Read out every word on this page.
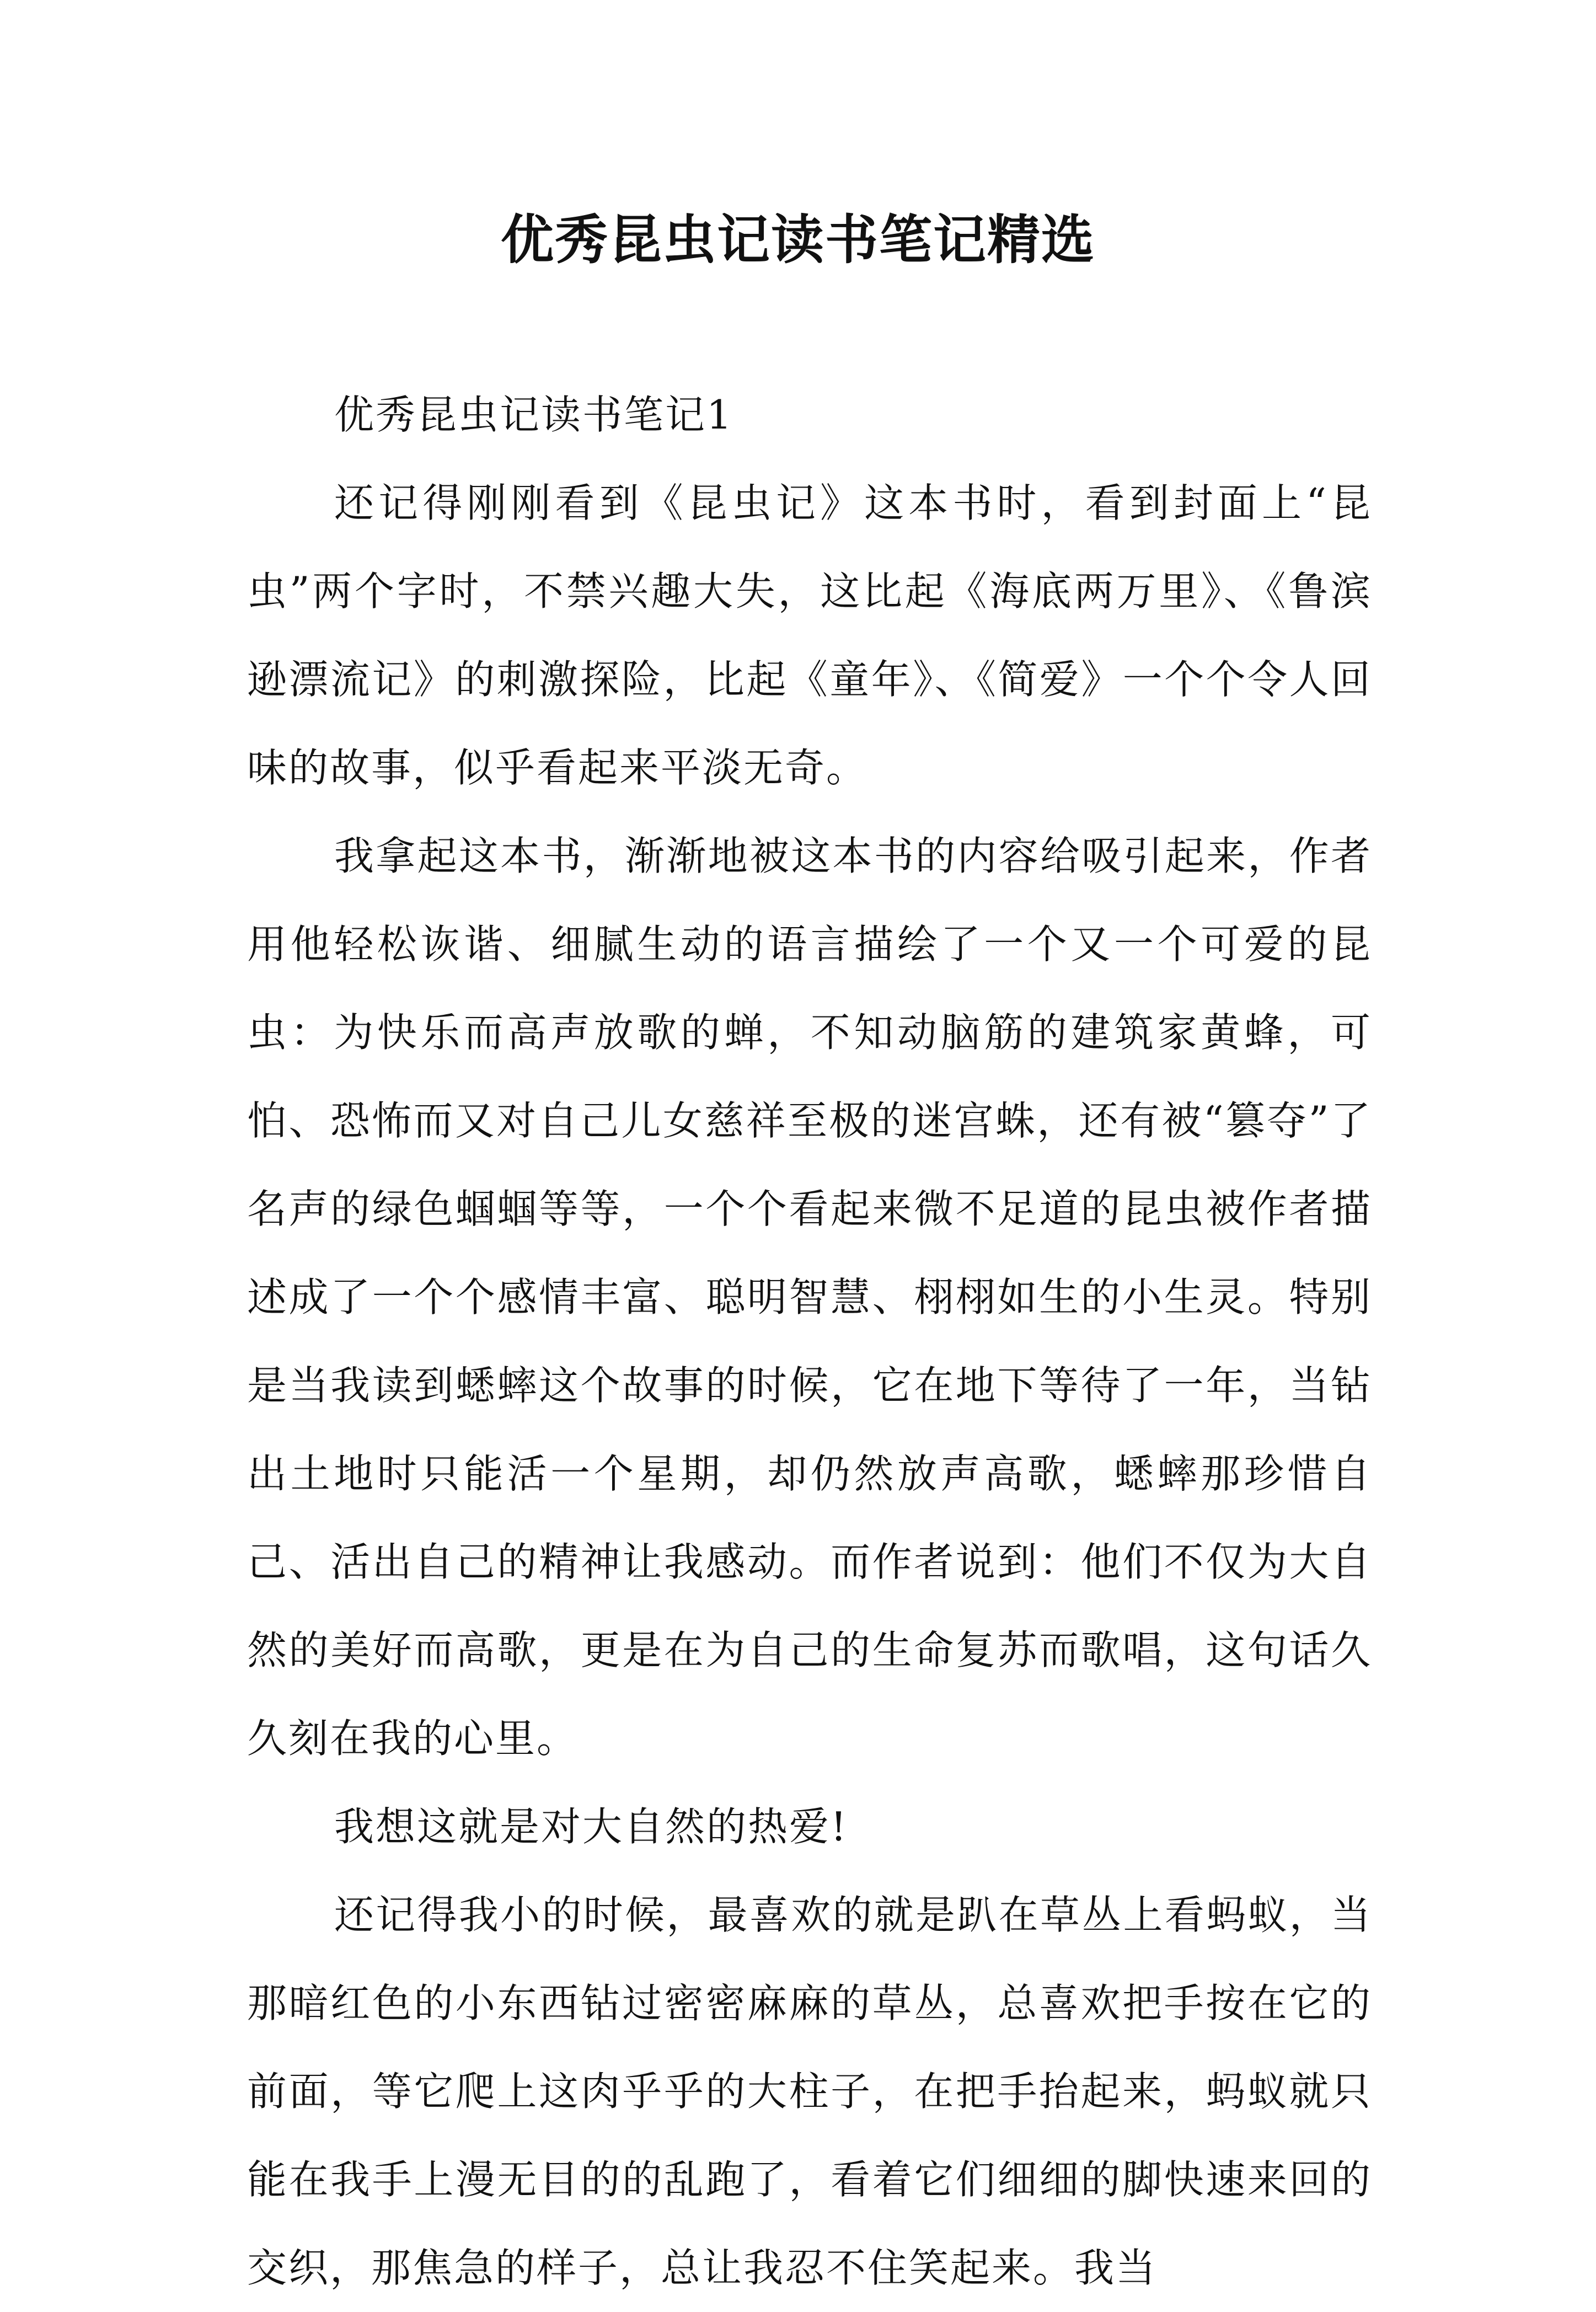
优秀昆虫记读书笔记精选

优秀昆虫记读书笔记1

还记得刚刚看到《昆虫记》这本书时，看到封面上“昆虫”两个字时，不禁兴趣大失，这比起《海底两万里》、《鲁滨逊漂流记》的刺激探险，比起《童年》、《简爱》一个个令人回味的故事，似乎看起来平淡无奇。

我拿起这本书，渐渐地被这本书的内容给吸引起来，作者用他轻松诙谐、细腻生动的语言描绘了一个又一个可爱的昆虫：为快乐而高声放歌的蝉，不知动脑筋的建筑家黄蜂，可怕、恐怖而又对自己儿女慈祥至极的迷宫蛛，还有被“篡夺”了名声的绿色蝈蝈等等，一个个看起来微不足道的昆虫被作者描述成了一个个感情丰富、聪明智慧、栩栩如生的小生灵。特别是当我读到蟋蟀这个故事的时候，它在地下等待了一年，当钻出土地时只能活一个星期，却仍然放声高歌，蟋蟀那珍惜自己、活出自己的精神让我感动。而作者说到：他们不仅为大自然的美好而高歌，更是在为自己的生命复苏而歌唱，这句话久久刻在我的心里。

我想这就是对大自然的热爱!

还记得我小的时候，最喜欢的就是趴在草丛上看蚂蚁，当那暗红色的小东西钻过密密麻麻的草丛，总喜欢把手按在它的前面，等它爬上这肉乎乎的大柱子，在把手抬起来，蚂蚁就只能在我手上漫无目的的乱跑了，看着它们细细的脚快速来回的交织，那焦急的样子，总让我忍不住笑起来。我当
